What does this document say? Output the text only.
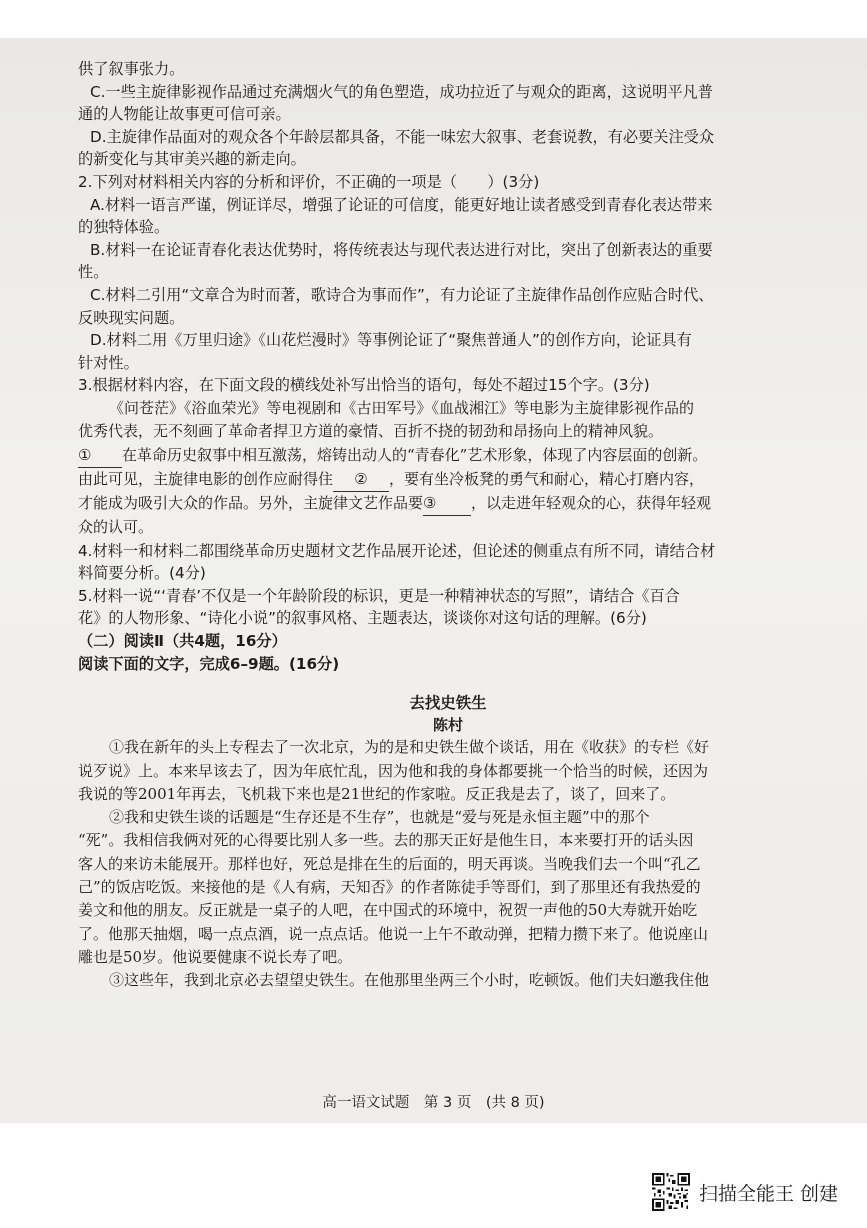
供了叙事张力。

C.一些主旋律影视作品通过充满烟火气的角色塑造，成功拉近了与观众的距离，这说明平凡普

通的人物能让故事更可信可亲。

D.主旋律作品面对的观众各个年龄层都具备，不能一味宏大叙事、老套说教，有必要关注受众

的新变化与其审美兴趣的新走向。

2.下列对材料相关内容的分析和评价，不正确的一项是（　　）(3分)

A.材料一语言严谨，例证详尽，增强了论证的可信度，能更好地让读者感受到青春化表达带来

的独特体验。

B.材料一在论证青春化表达优势时，将传统表达与现代表达进行对比，突出了创新表达的重要

性。

C.材料二引用“文章合为时而著，歌诗合为事而作”，有力论证了主旋律作品创作应贴合时代、

反映现实问题。

D.材料二用《万里归途》《山花烂漫时》等事例论证了“聚焦普通人”的创作方向，论证具有

针对性。

3.根据材料内容，在下面文段的横线处补写出恰当的语句，每处不超过15个字。(3分)

《问苍茫》《浴血荣光》等电视剧和《古田军号》《血战湘江》等电影为主旋律影视作品的

优秀代表，无不刻画了革命者捍卫方道的豪情、百折不挠的韧劲和昂扬向上的精神风貌。

① 在革命历史叙事中相互激荡，熔铸出动人的“青春化”艺术形象，体现了内容层面的创新。

由此可见，主旋律电影的创作应耐得住 ② ，要有坐冷板凳的勇气和耐心，精心打磨内容，

才能成为吸引大众的作品。另外，主旋律文艺作品要③ ，以走进年轻观众的心，获得年轻观

众的认可。

4.材料一和材料二都围绕革命历史题材文艺作品展开论述，但论述的侧重点有所不同，请结合材

料简要分析。(4分)

5.材料一说“‘青春’不仅是一个年龄阶段的标识，更是一种精神状态的写照”，请结合《百合

花》的人物形象、“诗化小说”的叙事风格、主题表达，谈谈你对这句话的理解。(6分)

（二）阅读Ⅱ（共4题，16分）

阅读下面的文字，完成6–9题。(16分)

去找史铁生

陈村

①我在新年的头上专程去了一次北京，为的是和史铁生做个谈话，用在《收获》的专栏《好

说歹说》上。本来早该去了，因为年底忙乱，因为他和我的身体都要挑一个恰当的时候，还因为

我说的等2001年再去，飞机栽下来也是21世纪的作家啦。反正我是去了，谈了，回来了。

②我和史铁生谈的话题是“生存还是不生存”，也就是“爱与死是永恒主题”中的那个

“死”。我相信我俩对死的心得要比别人多一些。去的那天正好是他生日，本来要打开的话头因

客人的来访未能展开。那样也好，死总是排在生的后面的，明天再谈。当晚我们去一个叫“孔乙

己”的饭店吃饭。来接他的是《人有病，天知否》的作者陈徒手等哥们，到了那里还有我热爱的

姜文和他的朋友。反正就是一桌子的人吧，在中国式的环境中，祝贺一声他的50大寿就开始吃

了。他那天抽烟，喝一点点酒，说一点点话。他说一上午不敢动弹，把精力攒下来了。他说座山

雕也是50岁。他说要健康不说长寿了吧。

③这些年，我到北京必去望望史铁生。在他那里坐两三个小时，吃顿饭。他们夫妇邀我住他

高一语文试题　第 3 页　(共 8 页)
扫描全能王 创建
